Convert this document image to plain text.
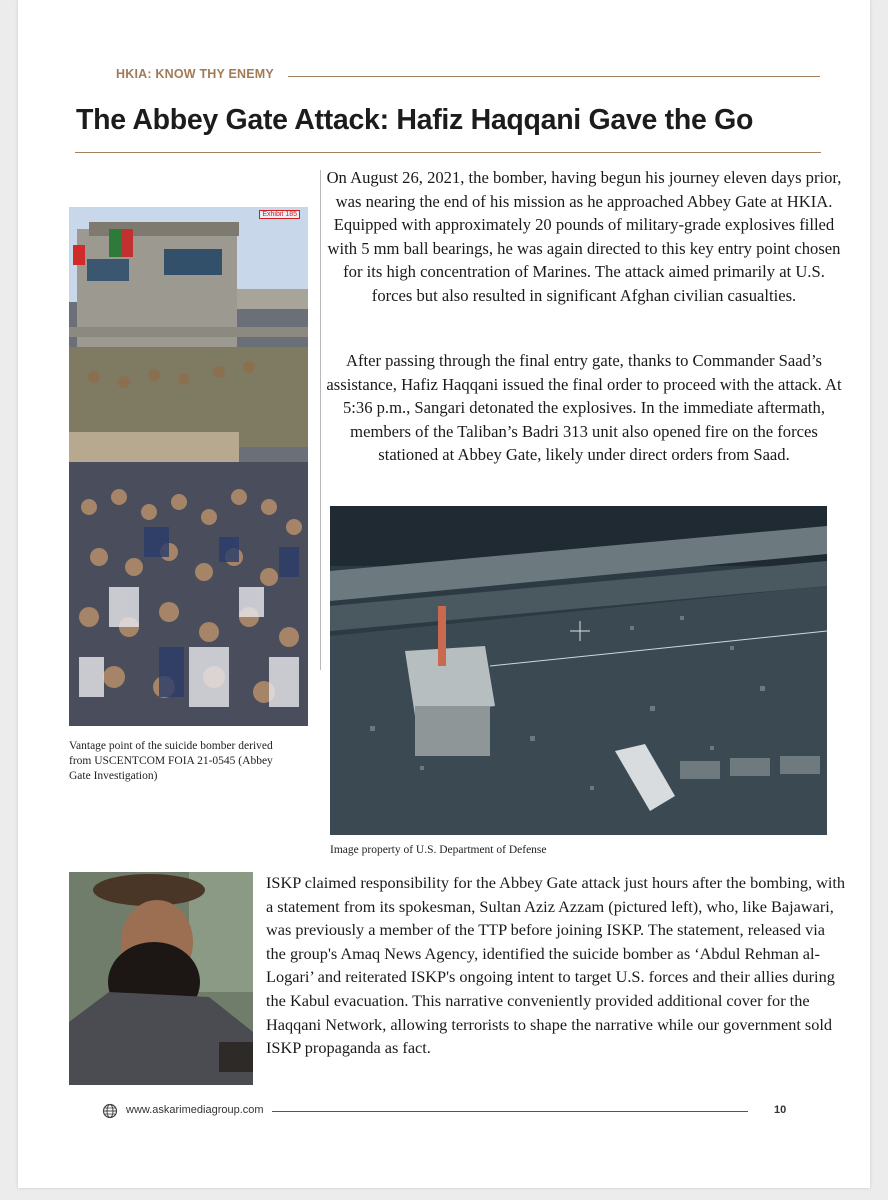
HKIA: KNOW THY ENEMY
The Abbey Gate Attack: Hafiz Haqqani Gave the Go
Exhibit 185

Vantage point of the suicide bomber derived from USCENTCOM FOIA 21-0545 (Abbey Gate Investigation)

On August 26, 2021, the bomber, having begun his journey eleven days prior, was nearing the end of his mission as he approached Abbey Gate at HKIA. Equipped with approximately 20 pounds of military-grade explosives filled with 5 mm ball bearings, he was again directed to this key entry point chosen for its high concentration of Marines. The attack aimed primarily at U.S. forces but also resulted in significant Afghan civilian casualties.

After passing through the final entry gate, thanks to Commander Saad’s assistance, Hafiz Haqqani issued the final order to proceed with the attack. At 5:36 p.m., Sangari detonated the explosives. In the immediate aftermath, members of the Taliban’s Badri 313 unit also opened fire on the forces stationed at Abbey Gate, likely under direct orders from Saad.

Image property of U.S. Department of Defense

ISKP claimed responsibility for the Abbey Gate attack just hours after the bombing, with a statement from its spokesman, Sultan Aziz Azzam (pictured left), who, like Bajawari, was previously a member of the TTP before joining ISKP. The statement, released via the group's Amaq News Agency, identified the suicide bomber as ‘Abdul Rehman al-Logari’ and reiterated ISKP's ongoing intent to target U.S. forces and their allies during the Kabul evacuation. This narrative conveniently provided additional cover for the Haqqani Network, allowing terrorists to shape the narrative while our government sold ISKP propaganda as fact.

www.askarimediagroup.com	10
